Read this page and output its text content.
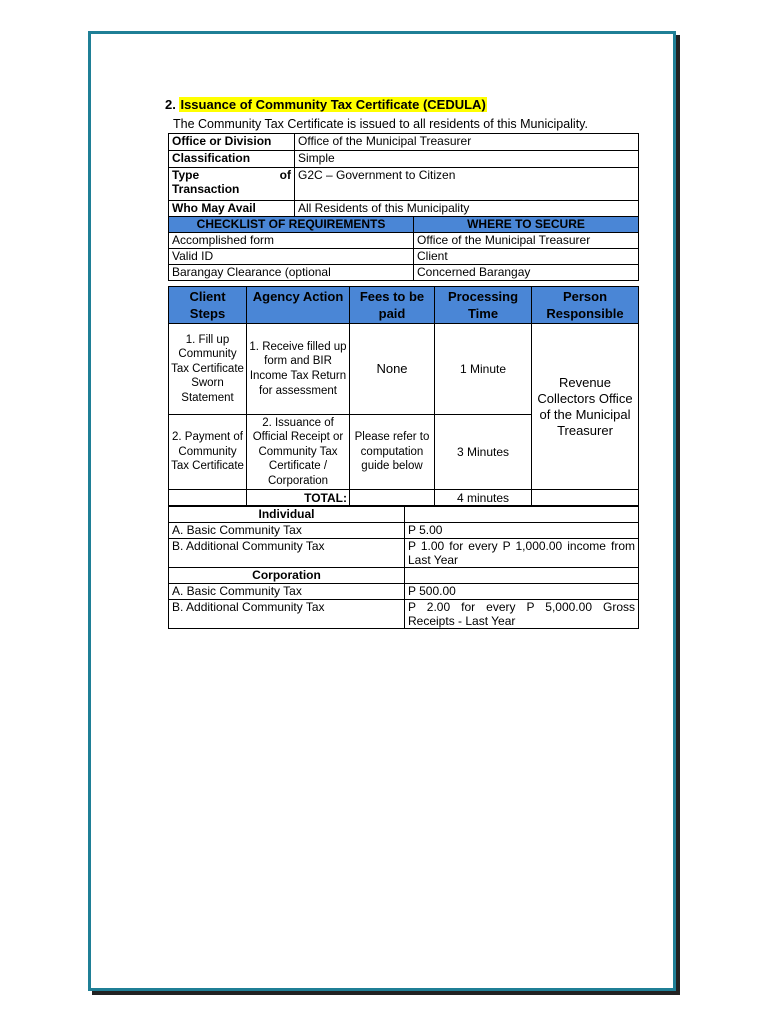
2. Issuance of Community Tax Certificate (CEDULA)
The Community Tax Certificate is issued to all residents of this Municipality.
Office or Division	Office of the Municipal Treasurer
Classification	Simple

Type of
Transaction	G2C – Government to Citizen
Who May Avail	All Residents of this Municipality
CHECKLIST OF REQUIREMENTS	WHERE TO SECURE
Accomplished form	Office of the Municipal Treasurer
Valid ID	Client
Barangay Clearance (optional	Concerned Barangay
Client Steps	Agency Action	Fees to be paid	Processing Time	Person Responsible
1. Fill up Community Tax Certificate Sworn Statement	1. Receive filled up form and BIR Income Tax Return for assessment	None	1 Minute	Revenue Collectors Office of the Municipal Treasurer
2. Payment of Community Tax Certificate	2. Issuance of Official Receipt or Community Tax Certificate / Corporation	Please refer to computation guide below	3 Minutes	
	TOTAL:		4 minutes	
Individual	
A. Basic Community Tax	P 5.00
B. Additional Community Tax	P 1.00 for every P 1,000.00 income from Last Year
Corporation	
A. Basic Community Tax	P 500.00
B. Additional Community Tax	P 2.00 for every P 5,000.00 Gross Receipts - Last Year
